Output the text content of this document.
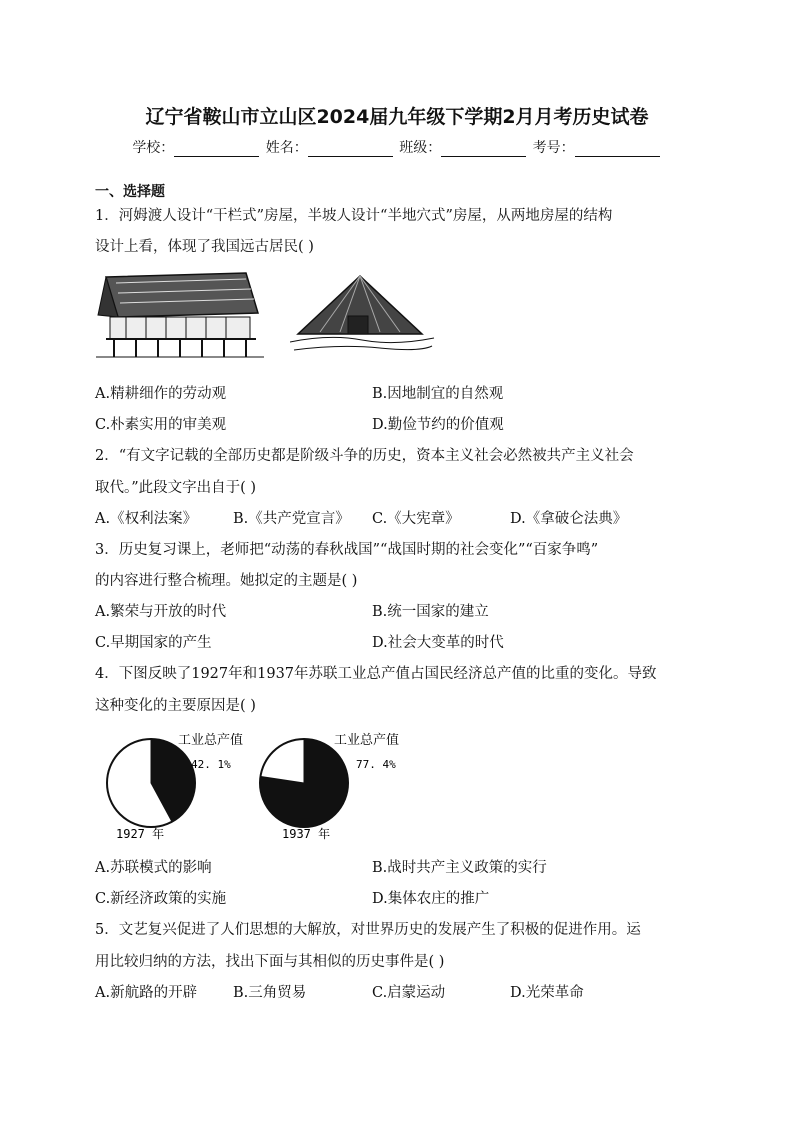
辽宁省鞍山市立山区2024届九年级下学期2月月考历史试卷
学校：	姓名：	班级：	考号：
一、选择题
1．河姆渡人设计“干栏式”房屋，半坡人设计“半地穴式”房屋，从两地房屋的结构
设计上看，体现了我国远古居民( )
A.精耕细作的劳动观	B.因地制宜的自然观
C.朴素实用的审美观	D.勤俭节约的价值观
2．“有文字记载的全部历史都是阶级斗争的历史，资本主义社会必然被共产主义社会
取代。”此段文字出自于( )
A.《权利法案》 B.《共产党宣言》 C.《大宪章》	D.《拿破仑法典》
3．历史复习课上，老师把“动荡的春秋战国”“战国时期的社会变化”“百家争鸣”
的内容进行整合梳理。她拟定的主题是( )
A.繁荣与开放的时代	B.统一国家的建立
C.早期国家的产生	D.社会大变革的时代
4．下图反映了1927年和1937年苏联工业总产值占国民经济总产值的比重的变化。导致
这种变化的主要原因是( )
工业总产值
42. 1%
1927 年
工业总产值
77. 4%
1937 年
A.苏联模式的影响	B.战时共产主义政策的实行
C.新经济政策的实施	D.集体农庄的推广
5．文艺复兴促进了人们思想的大解放，对世界历史的发展产生了积极的促进作用。运
用比较归纳的方法，找出下面与其相似的历史事件是( )
A.新航路的开辟 B.三角贸易	C.启蒙运动	D.光荣革命
